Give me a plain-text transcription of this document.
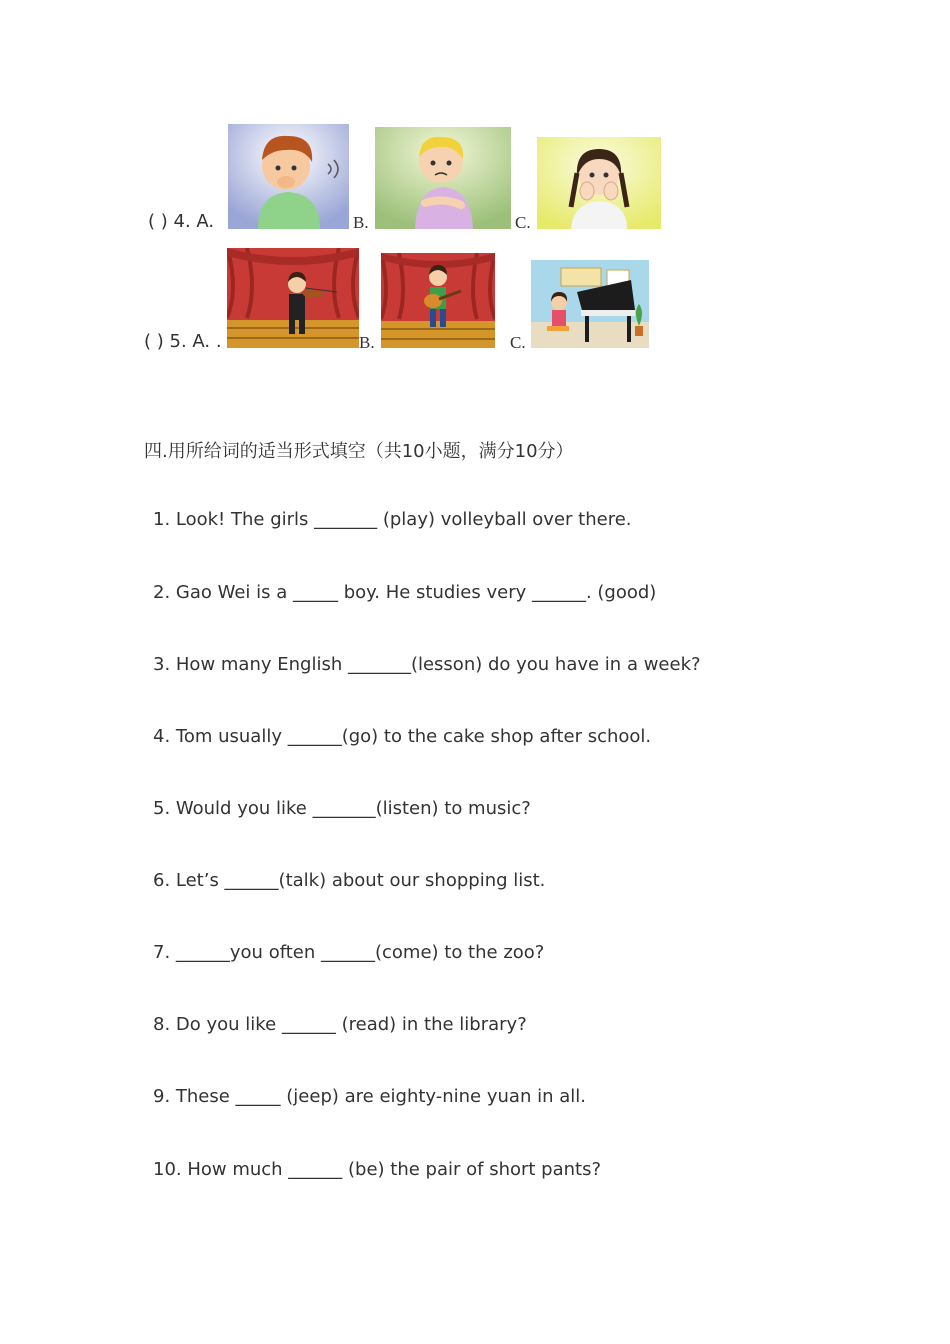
( ) 4. A.	B.	C.
( ) 5. A. .	B.	C.
四.用所给词的适当形式填空（共10小题，满分10分）
1. Look! The girls _______ (play) volleyball over there.
2. Gao Wei is a _____ boy. He studies very ______. (good)
3. How many English _______(lesson) do you have in a week?
4. Tom usually ______(go) to the cake shop after school.
5. Would you like _______(listen) to music?
6. Let’s ______(talk) about our shopping list.
7. ______you often ______(come) to the zoo?
8. Do you like ______ (read) in the library?
9. These _____ (jeep) are eighty-nine yuan in all.
10. How much ______ (be) the pair of short pants?
